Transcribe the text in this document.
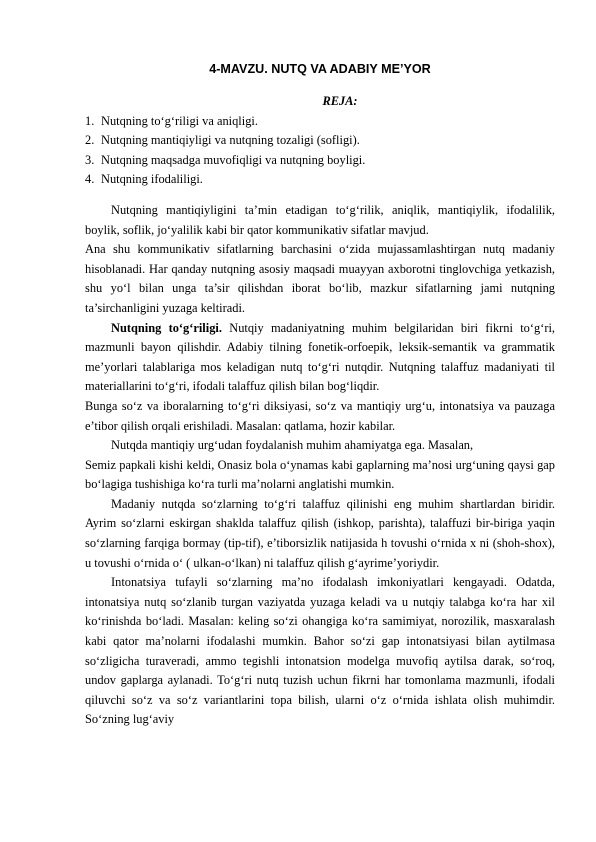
4-MAVZU. NUTQ VA ADABIY ME’YOR
REJA:
1. Nutqning to‘g‘riligi va aniqligi.
2. Nutqning mantiqiyligi va nutqning tozaligi (sofligi).
3. Nutqning maqsadga muvofiqligi va nutqning boyligi.
4. Nutqning ifodaliligi.

Nutqning mantiqiyligini ta’min etadigan to‘g‘rilik, aniqlik, mantiqiylik, ifodalilik, boylik, soflik, jo‘yalilik kabi bir qator kommunikativ sifatlar mavjud.

Ana shu kommunikativ sifatlarning barchasini o‘zida mujassamlashtirgan nutq madaniy hisoblanadi. Har qanday nutqning asosiy maqsadi muayyan axborotni tinglovchiga yetkazish, shu yo‘l bilan unga ta’sir qilishdan iborat bo‘lib, mazkur sifatlarning jami nutqning ta’sirchanligini yuzaga keltiradi.

Nutqning to‘g‘riligi. Nutqiy madaniyatning muhim belgilaridan biri fikrni to‘g‘ri, mazmunli bayon qilishdir. Adabiy tilning fonetik-orfoepik, leksik-semantik va grammatik me’yorlari talablariga mos keladigan nutq to‘g‘ri nutqdir. Nutqning talaffuz madaniyati til materiallarini to‘g‘ri, ifodali talaffuz qilish bilan bog‘liqdir.

Bunga so‘z va iboralarning to‘g‘ri diksiyasi, so‘z va mantiqiy urg‘u, intonatsiya va pauzaga e’tibor qilish orqali erishiladi. Masalan: qatlama, hozir kabilar.

Nutqda mantiqiy urg‘udan foydalanish muhim ahamiyatga ega. Masalan,

Semiz papkali kishi keldi, Onasiz bola o‘ynamas kabi gaplarning ma’nosi urg‘uning qaysi gap bo‘lagiga tushishiga ko‘ra turli ma’nolarni anglatishi mumkin.

Madaniy nutqda so‘zlarning to‘g‘ri talaffuz qilinishi eng muhim shartlardan biridir. Ayrim so‘zlarni eskirgan shaklda talaffuz qilish (ishkop, parishta), talaffuzi bir-biriga yaqin so‘zlarning farqiga bormay (tip-tif), e’tiborsizlik natijasida h tovushi o‘rnida x ni (shoh-shox), u tovushi o‘rnida o‘ ( ulkan-o‘lkan) ni talaffuz qilish g‘ayrime’yoriydir.

Intonatsiya tufayli so‘zlarning ma’no ifodalash imkoniyatlari kengayadi. Odatda, intonatsiya nutq so‘zlanib turgan vaziyatda yuzaga keladi va u nutqiy talabga ko‘ra har xil ko‘rinishda bo‘ladi. Masalan: keling so‘zi ohangiga ko‘ra samimiyat, norozilik, masxaralash kabi qator ma’nolarni ifodalashi mumkin. Bahor so‘zi gap intonatsiyasi bilan aytilmasa so‘zligicha turaveradi, ammo tegishli intonatsion modelga muvofiq aytilsa darak, so‘roq, undov gaplarga aylanadi. To‘g‘ri nutq tuzish uchun fikrni har tomonlama mazmunli, ifodali qiluvchi so‘z va so‘z variantlarini topa bilish, ularni o‘z o‘rnida ishlata olish muhimdir. So‘zning lug‘aviy
